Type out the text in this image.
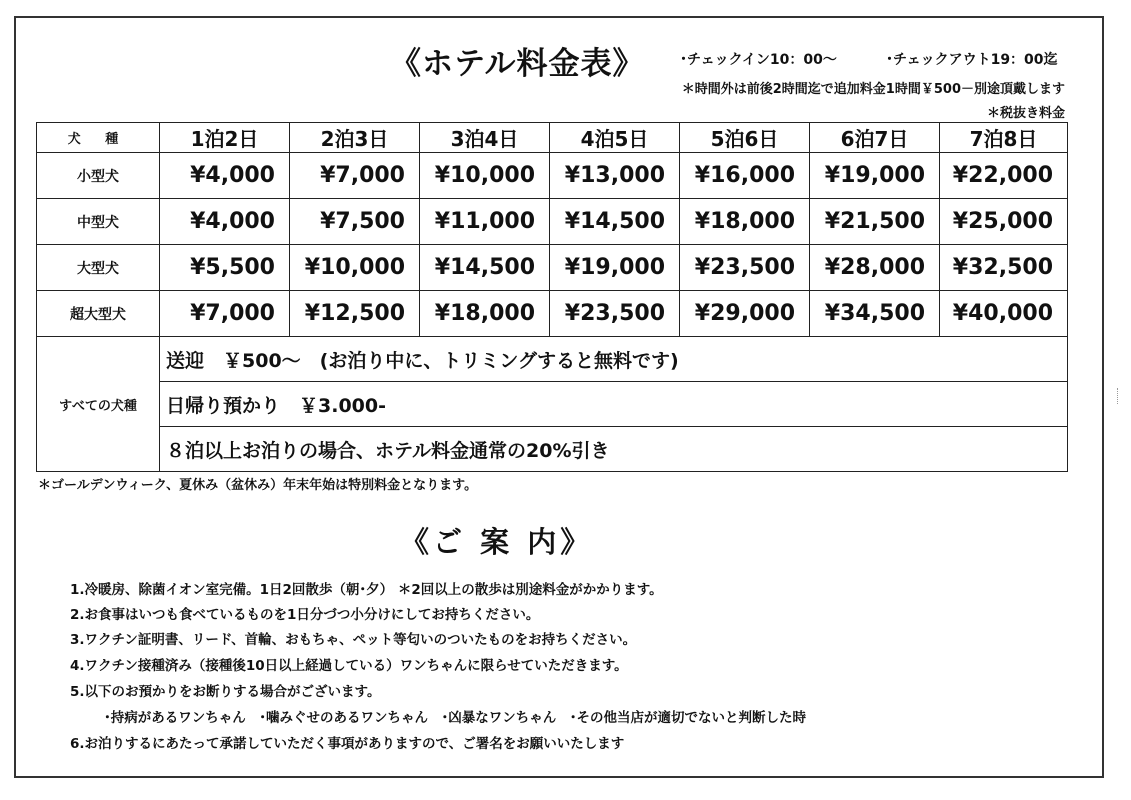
《ホテル料金表》	･チェックイン10：00～	･チェックアウト19：00迄
＊時間外は前後2時間迄で追加料金1時間￥500－別途頂戴します
＊税抜き料金
犬 種	1泊2日	2泊3日	3泊4日	4泊5日	5泊6日	6泊7日	7泊8日
小型犬	¥4,000	¥7,000	¥10,000	¥13,000	¥16,000	¥19,000	¥22,000
中型犬	¥4,000	¥7,500	¥11,000	¥14,500	¥18,000	¥21,500	¥25,000
大型犬	¥5,500	¥10,000	¥14,500	¥19,000	¥23,500	¥28,000	¥32,500
超大型犬	¥7,000	¥12,500	¥18,000	¥23,500	¥29,000	¥34,500	¥40,000
すべての犬種	送迎　￥500～　(お泊り中に、トリミングすると無料です)						
	日帰り預かり　￥3.000-						
	８泊以上お泊りの場合、ホテル料金通常の20%引き						
＊ゴールデンウィーク、夏休み（盆休み）年末年始は特別料金となります。
《ご 案 内》
1.冷暖房、除菌イオン室完備。1日2回散歩（朝･夕） ＊2回以上の散歩は別途料金がかかります。
2.お食事はいつも食べているものを1日分づつ小分けにしてお持ちください。
3.ワクチン証明書、リード、首輪、おもちゃ、ペット等匂いのついたものをお持ちください。
4.ワクチン接種済み（接種後10日以上経過している）ワンちゃんに限らせていただきます。
5.以下のお預かりをお断りする場合がございます。
･持病があるワンちゃん　･噛みぐせのあるワンちゃん　･凶暴なワンちゃん　･その他当店が適切でないと判断した時
6.お泊りするにあたって承諾していただく事項がありますので、ご署名をお願いいたします
